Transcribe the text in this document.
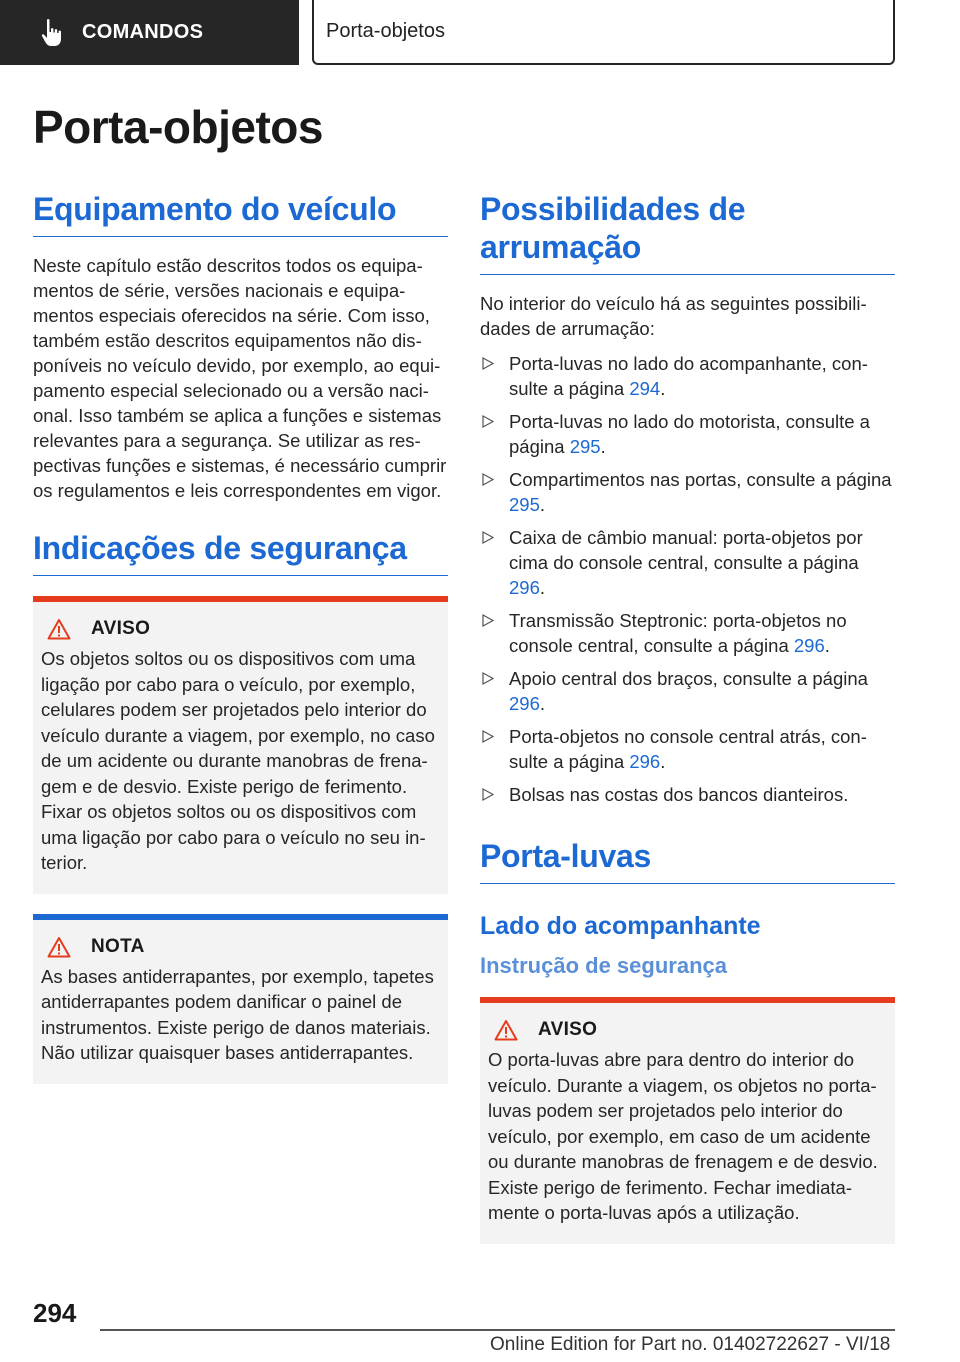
COMANDOS	Porta-objetos
Porta-objetos
Equipamento do veículo

Neste capítulo estão descritos todos os equipamentos de série, versões nacionais e equipamentos especiais oferecidos na série. Com isso, também estão descritos equipamentos não disponíveis no veículo devido, por exemplo, ao equipamento especial selecionado ou a versão nacional. Isso também se aplica a funções e sistemas relevantes para a segurança. Se utilizar as respectivas funções e sistemas, é necessário cumprir os regulamentos e leis correspondentes em vigor.

Indicações de segurança
AVISO

Os objetos soltos ou os dispositivos com uma ligação por cabo para o veículo, por exemplo, celulares podem ser projetados pelo interior do veículo durante a viagem, por exemplo, no caso de um acidente ou durante manobras de frenagem e de desvio. Existe perigo de ferimento. Fixar os objetos soltos ou os dispositivos com uma ligação por cabo para o veículo no seu interior.

NOTA

As bases antiderrapantes, por exemplo, tapetes antiderrapantes podem danificar o painel de instrumentos. Existe perigo de danos materiais. Não utilizar quaisquer bases antiderrapantes.

Possibilidades de arrumação

No interior do veículo há as seguintes possibilidades de arrumação:

Porta-luvas no lado do acompanhante, consulte a página 294.
Porta-luvas no lado do motorista, consulte a página 295.
Compartimentos nas portas, consulte a página 295.
Caixa de câmbio manual: porta-objetos por cima do console central, consulte a página 296.
Transmissão Steptronic: porta-objetos no console central, consulte a página 296.
Apoio central dos braços, consulte a página 296.
Porta-objetos no console central atrás, consulte a página 296.
Bolsas nas costas dos bancos dianteiros.
Porta-luvas
Lado do acompanhante
Instrução de segurança
AVISO

O porta-luvas abre para dentro do interior do veículo. Durante a viagem, os objetos no porta-luvas podem ser projetados pelo interior do veículo, por exemplo, em caso de um acidente ou durante manobras de frenagem e de desvio. Existe perigo de ferimento. Fechar imediatamente o porta-luvas após a utilização.

294
Online Edition for Part no. 01402722627 - VI/18
